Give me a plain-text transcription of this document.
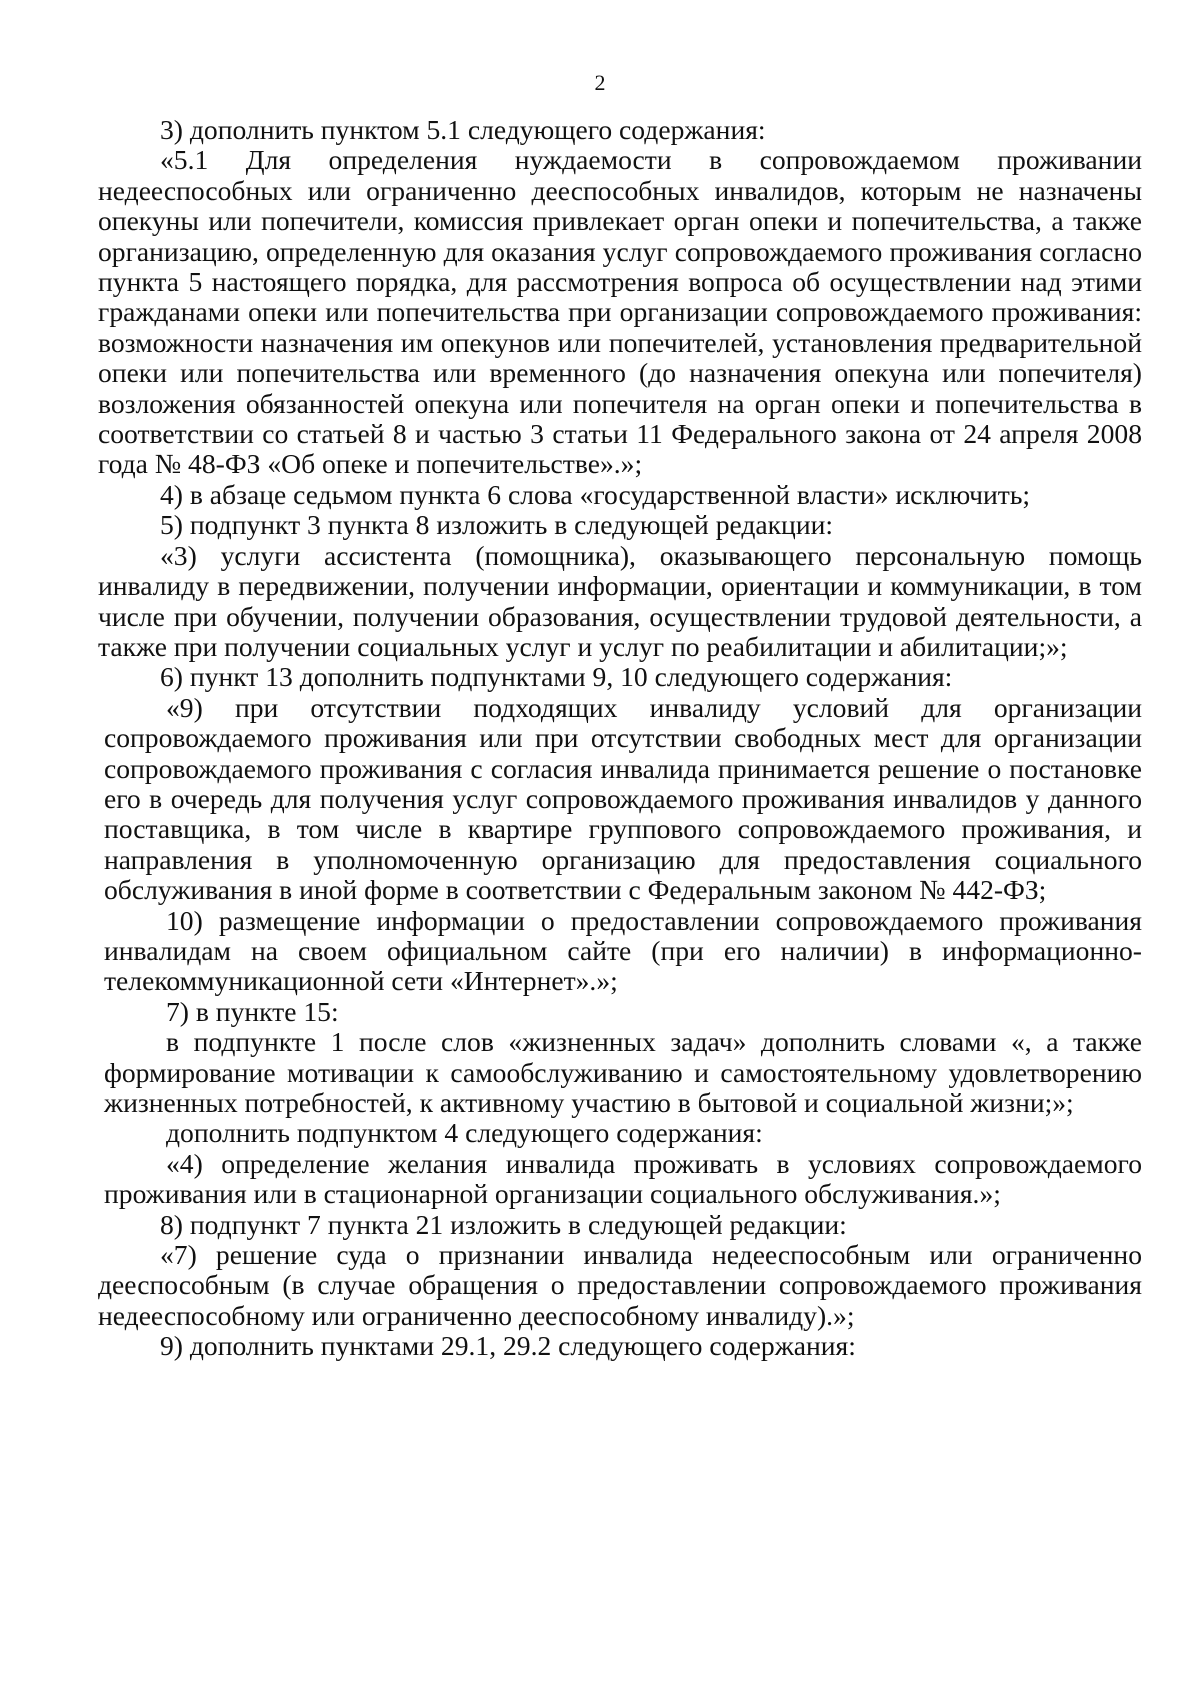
2

3) дополнить пунктом 5.1 следующего содержания:

«5.1 Для определения нуждаемости в сопровождаемом проживании недееспособных или ограниченно дееспособных инвалидов, которым не назначены опекуны или попечители, комиссия привлекает орган опеки и попечительства, а также организацию, определенную для оказания услуг сопровождаемого проживания согласно пункта 5 настоящего порядка, для рассмотрения вопроса об осуществлении над этими гражданами опеки или попечительства при организации сопровождаемого проживания: возможности назначения им опекунов или попечителей, установления предварительной опеки или попечительства или временного (до назначения опекуна или попечителя) возложения обязанностей опекуна или попечителя на орган опеки и попечительства в соответствии со статьей 8 и частью 3 статьи 11 Федерального закона от 24 апреля 2008 года № 48-ФЗ «Об опеке и попечительстве».»;

4) в абзаце седьмом пункта 6 слова «государственной власти» исключить;

5) подпункт 3 пункта 8 изложить в следующей редакции:

«3) услуги ассистента (помощника), оказывающего персональную помощь инвалиду в передвижении, получении информации, ориентации и коммуникации, в том числе при обучении, получении образования, осуществлении трудовой деятельности, а также при получении социальных услуг и услуг по реабилитации и абилитации;»;

6) пункт 13 дополнить подпунктами 9, 10 следующего содержания:

«9) при отсутствии подходящих инвалиду условий для организации сопровождаемого проживания или при отсутствии свободных мест для организации сопровождаемого проживания с согласия инвалида принимается решение о постановке его в очередь для получения услуг сопровождаемого проживания инвалидов у данного поставщика, в том числе в квартире группового сопровождаемого проживания, и направления в уполномоченную организацию для предоставления социального обслуживания в иной форме в соответствии с Федеральным законом № 442-ФЗ;

10) размещение информации о предоставлении сопровождаемого проживания инвалидам на своем официальном сайте (при его наличии) в информационно-телекоммуникационной сети «Интернет».»;

7) в пункте 15:

в подпункте 1 после слов «жизненных задач» дополнить словами «, а также формирование мотивации к самообслуживанию и самостоятельному удовлетворению жизненных потребностей, к активному участию в бытовой и социальной жизни;»;

дополнить подпунктом 4 следующего содержания:

«4) определение желания инвалида проживать в условиях сопровождаемого проживания или в стационарной организации социального обслуживания.»;

8) подпункт 7 пункта 21 изложить в следующей редакции:

«7) решение суда о признании инвалида недееспособным или ограниченно дееспособным (в случае обращения о предоставлении сопровождаемого проживания недееспособному или ограниченно дееспособному инвалиду).»;

9) дополнить пунктами 29.1, 29.2 следующего содержания:
